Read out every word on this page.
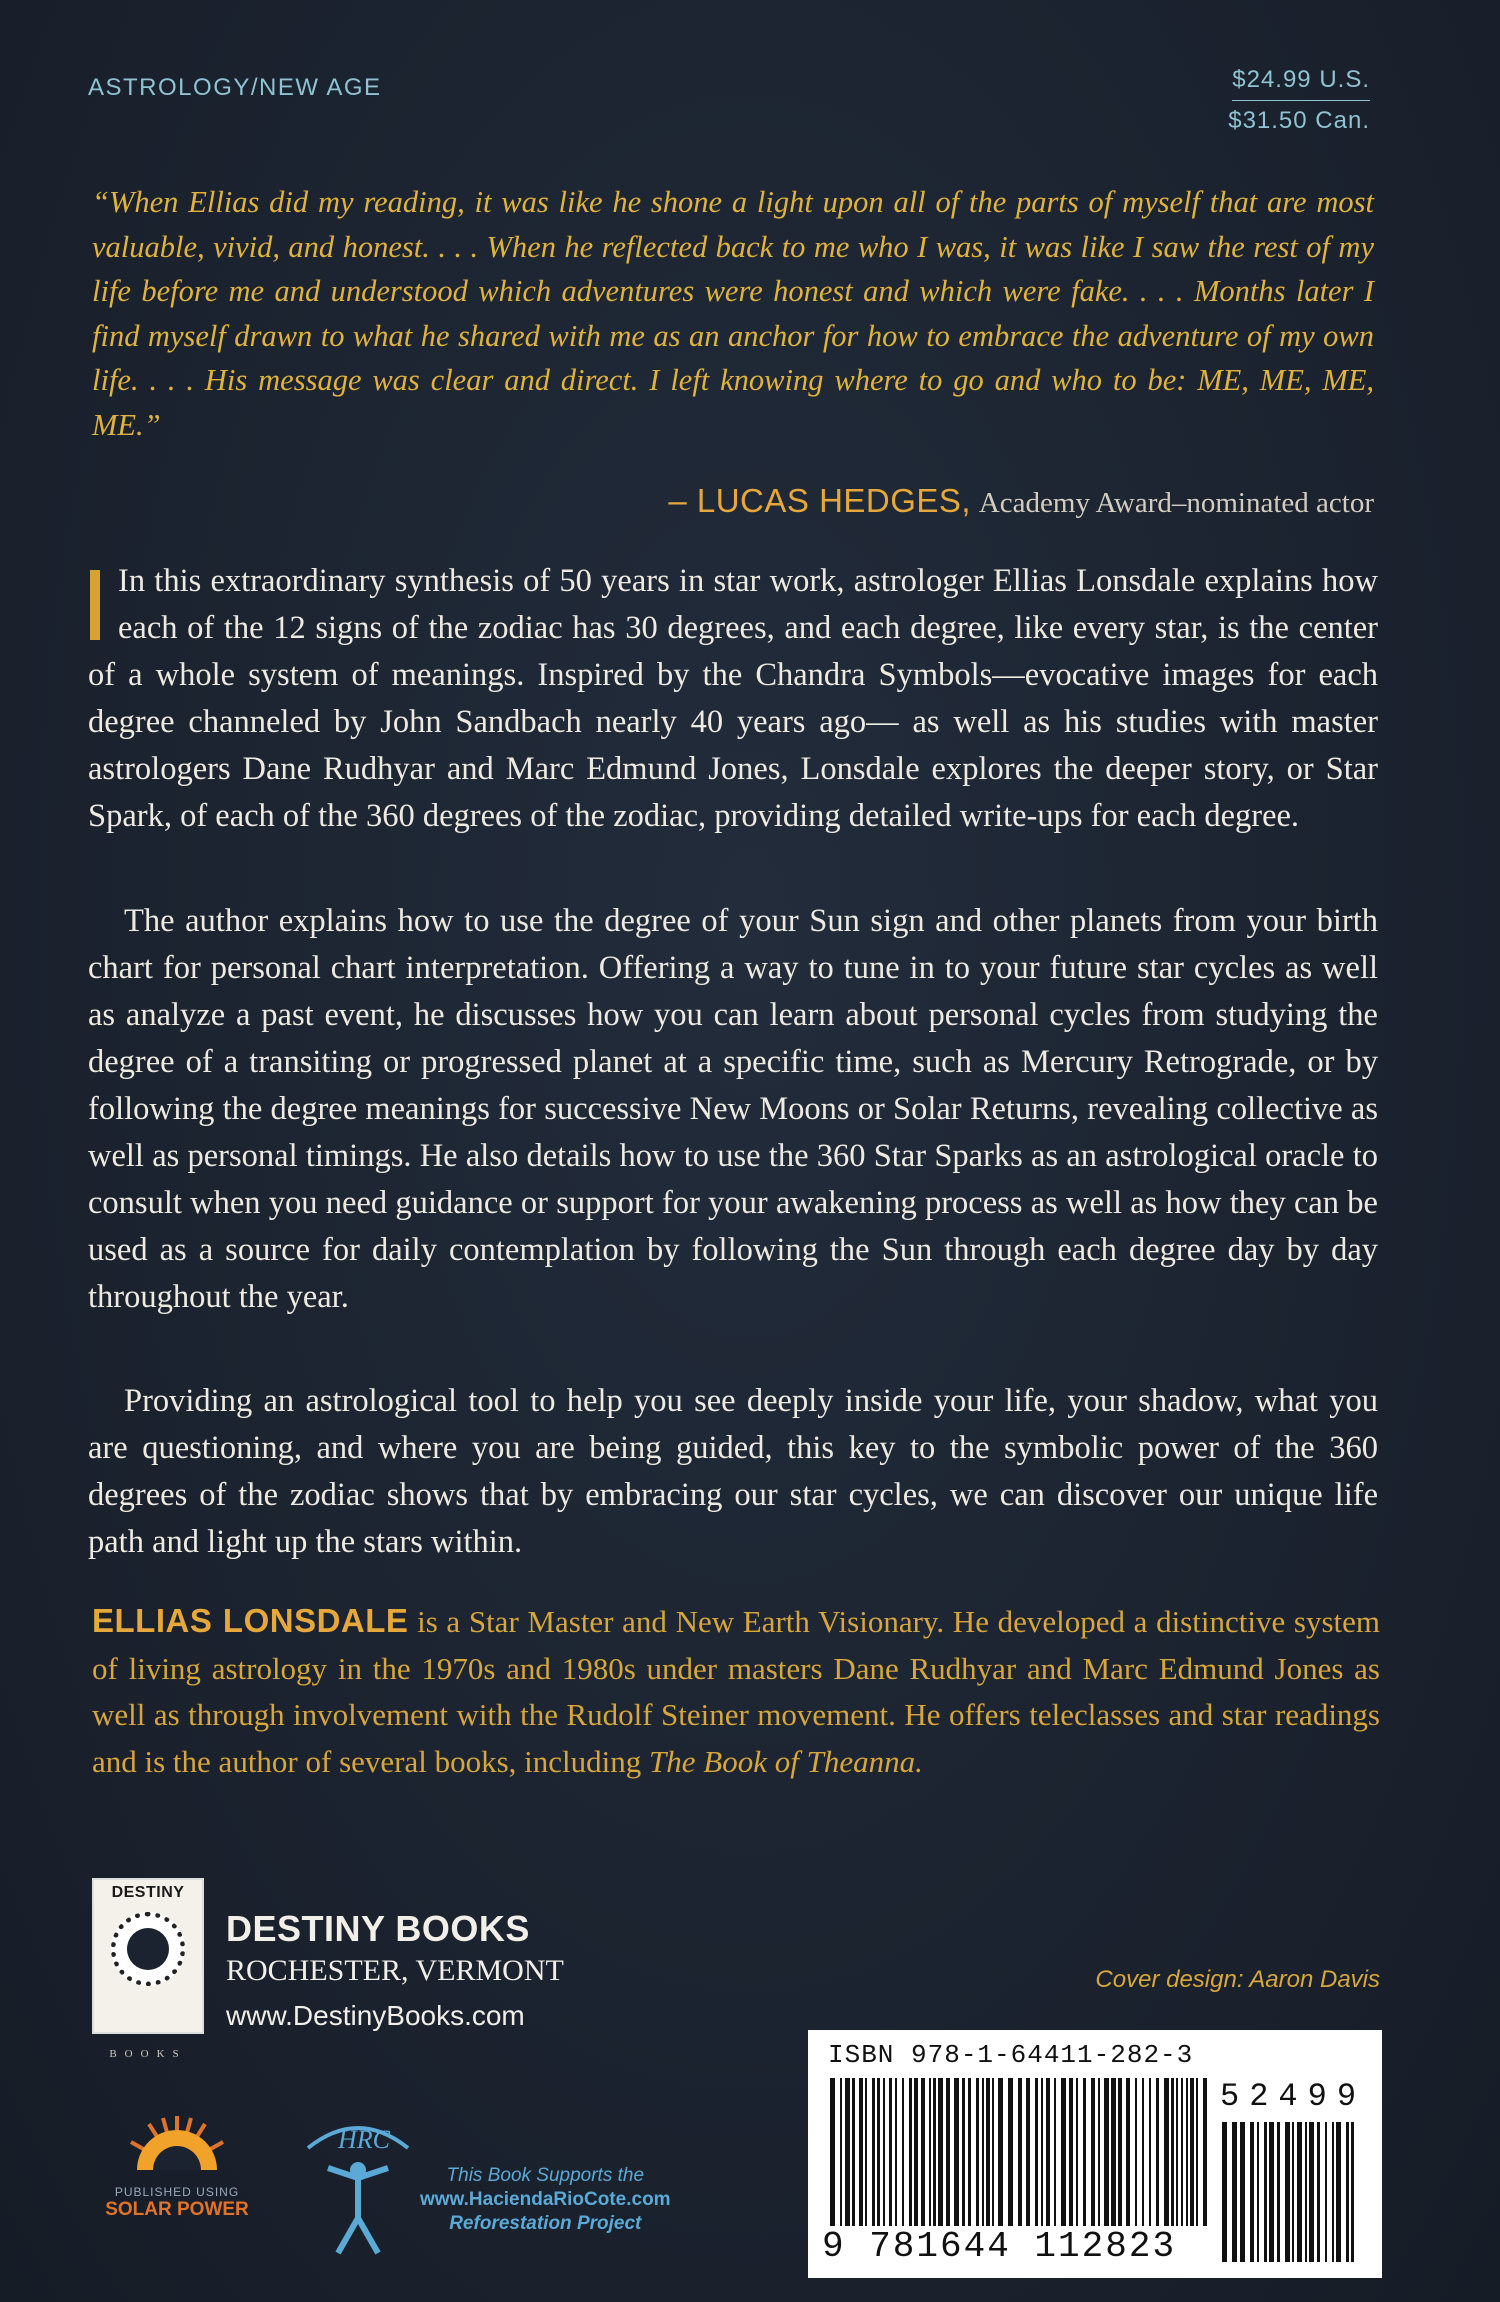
ASTROLOGY/NEW AGE	$24.99 U.S.
$31.50 Can.
“When Ellias did my reading, it was like he shone a light upon all of the parts of myself that are most valuable, vivid, and honest. . . . When he reflected back to me who I was, it was like I saw the rest of my life before me and understood which adventures were honest and which were fake. . . . Months later I find myself drawn to what he shared with me as an anchor for how to embrace the adventure of my own life. . . . His message was clear and direct. I left knowing where to go and who to be: ME, ME, ME, ME.”
– LUCAS HEDGES, Academy Award–nominated actor
In this extraordinary synthesis of 50 years in star work, astrologer Ellias Lonsdale explains how each of the 12 signs of the zodiac has 30 degrees, and each degree, like every star, is the center of a whole system of meanings. Inspired by the Chandra Symbols—evocative images for each degree channeled by John Sandbach nearly 40 years ago— as well as his studies with master astrologers Dane Rudhyar and Marc Edmund Jones, Lonsdale explores the deeper story, or Star Spark, of each of the 360 degrees of the zodiac, providing detailed write-ups for each degree.
The author explains how to use the degree of your Sun sign and other planets from your birth chart for personal chart interpretation. Offering a way to tune in to your future star cycles as well as analyze a past event, he discusses how you can learn about personal cycles from studying the degree of a transiting or progressed planet at a specific time, such as Mercury Retrograde, or by following the degree meanings for successive New Moons or Solar Returns, revealing collective as well as personal timings. He also details how to use the 360 Star Sparks as an astrological oracle to consult when you need guidance or support for your awakening process as well as how they can be used as a source for daily contemplation by following the Sun through each degree day by day throughout the year.
Providing an astrological tool to help you see deeply inside your life, your shadow, what you are questioning, and where you are being guided, this key to the symbolic power of the 360 degrees of the zodiac shows that by embracing our star cycles, we can discover our unique life path and light up the stars within.
ELLIAS LONSDALE is a Star Master and New Earth Visionary. He developed a distinctive system of living astrology in the 1970s and 1980s under masters Dane Rudhyar and Marc Edmund Jones as well as through involvement with the Rudolf Steiner movement. He offers teleclasses and star readings and is the author of several books, including The Book of Theanna.
DESTINY
BOOKS
DESTINY BOOKS
ROCHESTER, VERMONT
www.DestinyBooks.com
Cover design: Aaron Davis
ISBN 978-1-64411-282-3
9 781644 112823
52499
PUBLISHED USING
SOLAR POWER
HRC
This Book Supports the
www.HaciendaRioCote.com
Reforestation Project
